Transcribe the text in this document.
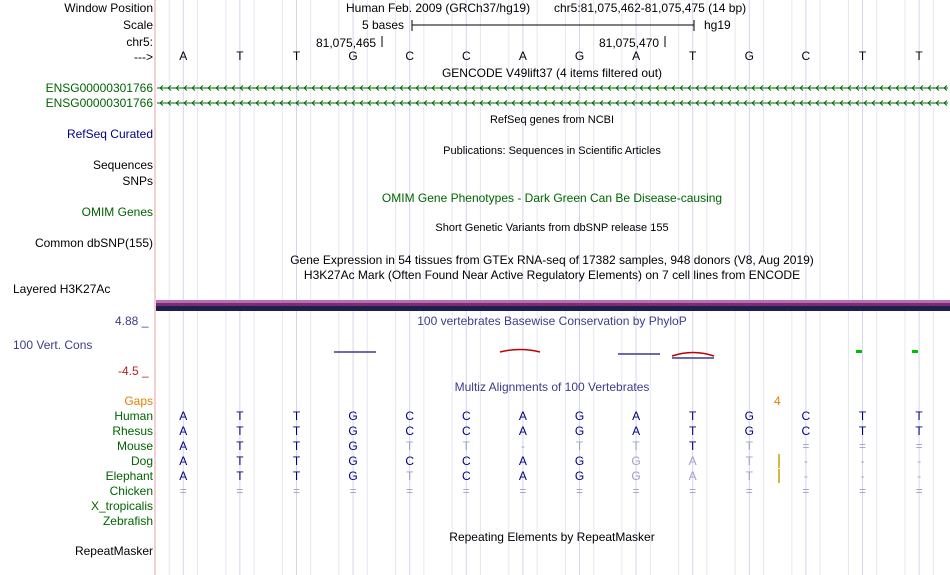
Window Position
Scale
chr5:
--->
Human Feb. 2009 (GRCh37/hg19) chr5:81,075,462-81,075,475 (14 bp)
5 bases	hg19
81,075,465	81,075,470
A	T	T	G	C	C	A	G	A	T	G	C	T	T
GENCODE V49lift37 (4 items filtered out)
ENSG00000301766
ENSG00000301766
RefSeq Curated
RefSeq genes from NCBI
Publications: Sequences in Scientific Articles
Sequences
SNPs
OMIM Gene Phenotypes - Dark Green Can Be Disease-causing
OMIM Genes
Short Genetic Variants from dbSNP release 155
Common dbSNP(155)
Gene Expression in 54 tissues from GTEx RNA-seq of 17382 samples, 948 donors (V8, Aug 2019)
H3K27Ac Mark (Often Found Near Active Regulatory Elements) on 7 cell lines from ENCODE
Layered H3K27Ac
100 vertebrates Basewise Conservation by PhyloP
4.88 _
100 Vert. Cons
-4.5 _
Multiz Alignments of 100 Vertebrates
Gaps	4
Human A	T	T	G	C	C	A	G	A	T	G	C	T	T
Rhesus A	T	T	G	C	C	A	G	A	T	G	C	T	T
Mouse A	T	T	G	T	T	-	T	T	T	T	=	=	=
Dog A	T	T	G	C	C	A	G	G	A	T	-	-	-
Elephant A	T	T	G	T	C	A	G	G	A	T	-	-	-
Chicken =	=	=	=	=	=	=	=	=	=	=	=	=	=
X_tropicalis
Zebrafish
Repeating Elements by RepeatMasker
RepeatMasker
